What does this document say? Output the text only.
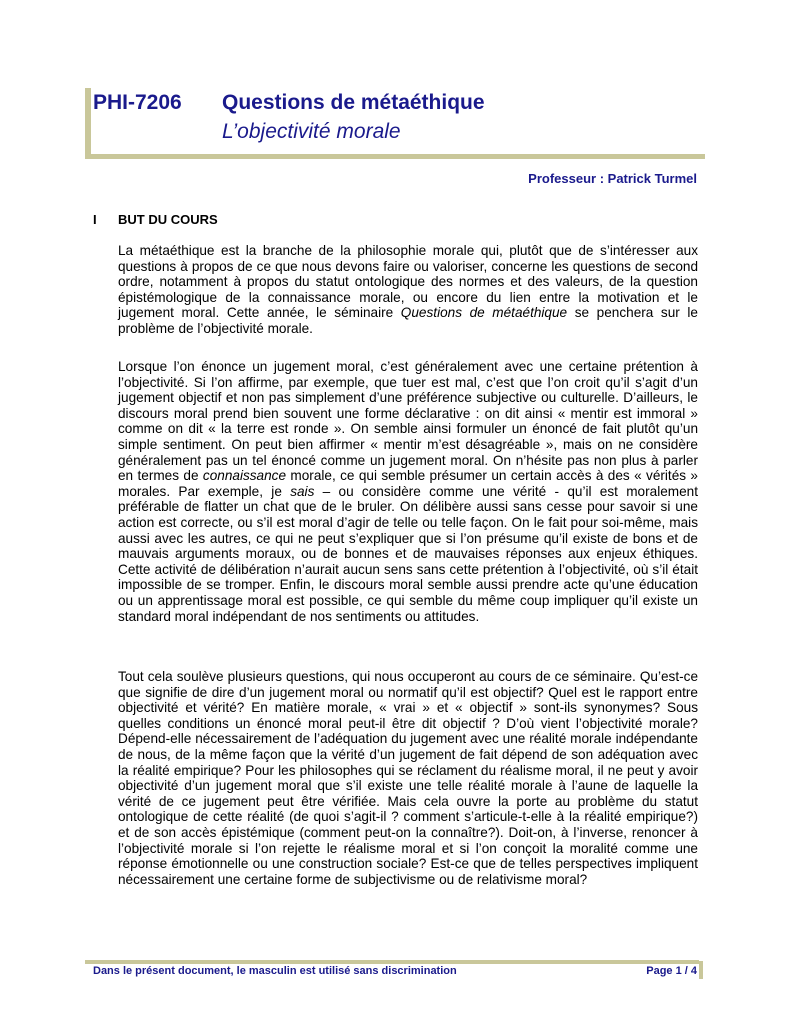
PHI-7206 Questions de métaéthique
L’objectivité morale
Professeur : Patrick Turmel
I BUT DU COURS

La métaéthique est la branche de la philosophie morale qui, plutôt que de s’intéresser aux questions à propos de ce que nous devons faire ou valoriser, concerne les questions de second ordre, notamment à propos du statut ontologique des normes et des valeurs, de la question épistémologique de la connaissance morale, ou encore du lien entre la motivation et le jugement moral. Cette année, le séminaire Questions de métaéthique se penchera sur le problème de l’objectivité morale.

Lorsque l’on énonce un jugement moral, c’est généralement avec une certaine prétention à l’objectivité. Si l’on affirme, par exemple, que tuer est mal, c’est que l’on croit qu’il s’agit d’un jugement objectif et non pas simplement d’une préférence subjective ou culturelle. D’ailleurs, le discours moral prend bien souvent une forme déclarative : on dit ainsi « mentir est immoral » comme on dit « la terre est ronde ». On semble ainsi formuler un énoncé de fait plutôt qu’un simple sentiment. On peut bien affirmer « mentir m’est désagréable », mais on ne considère généralement pas un tel énoncé comme un jugement moral. On n’hésite pas non plus à parler en termes de connaissance morale, ce qui semble présumer un certain accès à des « vérités » morales. Par exemple, je sais – ou considère comme une vérité - qu’il est moralement préférable de flatter un chat que de le bruler. On délibère aussi sans cesse pour savoir si une action est correcte, ou s’il est moral d’agir de telle ou telle façon. On le fait pour soi-même, mais aussi avec les autres, ce qui ne peut s’expliquer que si l’on présume qu’il existe de bons et de mauvais arguments moraux, ou de bonnes et de mauvaises réponses aux enjeux éthiques. Cette activité de délibération n’aurait aucun sens sans cette prétention à l’objectivité, où s’il était impossible de se tromper. Enfin, le discours moral semble aussi prendre acte qu’une éducation ou un apprentissage moral est possible, ce qui semble du même coup impliquer qu’il existe un standard moral indépendant de nos sentiments ou attitudes.

Tout cela soulève plusieurs questions, qui nous occuperont au cours de ce séminaire. Qu’est-ce que signifie de dire d’un jugement moral ou normatif qu’il est objectif? Quel est le rapport entre objectivité et vérité? En matière morale, « vrai » et « objectif » sont-ils synonymes? Sous quelles conditions un énoncé moral peut-il être dit objectif ? D’où vient l’objectivité morale? Dépend-elle nécessairement de l’adéquation du jugement avec une réalité morale indépendante de nous, de la même façon que la vérité d’un jugement de fait dépend de son adéquation avec la réalité empirique? Pour les philosophes qui se réclament du réalisme moral, il ne peut y avoir objectivité d’un jugement moral que s’il existe une telle réalité morale à l’aune de laquelle la vérité de ce jugement peut être vérifiée. Mais cela ouvre la porte au problème du statut ontologique de cette réalité (de quoi s’agit-il ? comment s’articule-t-elle à la réalité empirique?) et de son accès épistémique (comment peut-on la connaître?). Doit-on, à l’inverse, renoncer à l’objectivité morale si l’on rejette le réalisme moral et si l’on conçoit la moralité comme une réponse émotionnelle ou une construction sociale? Est-ce que de telles perspectives impliquent nécessairement une certaine forme de subjectivisme ou de relativisme moral?

Dans le présent document, le masculin est utilisé sans discrimination	Page 1 / 4
